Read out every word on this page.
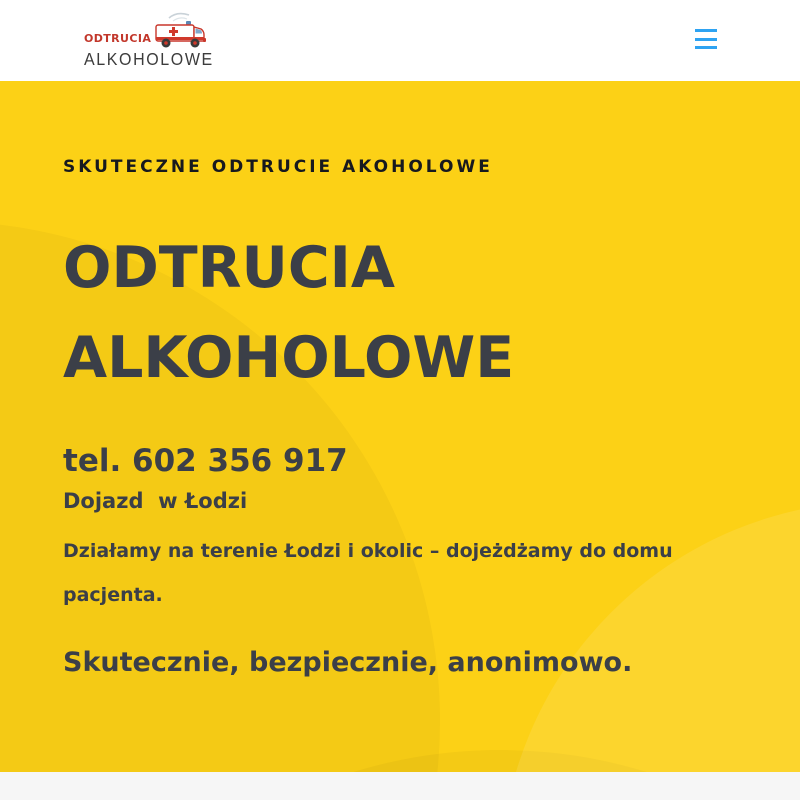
ODTRUCIA
ALKOHOLOWE
SKUTECZNE ODTRUCIE AKOHOLOWE
ODTRUCIA
ALKOHOLOWE
tel. 602 356 917
Dojazd  w Łodzi

Działamy na terenie Łodzi i okolic – dojeżdżamy do domu pacjenta.

Skutecznie, bezpiecznie, anonimowo.
